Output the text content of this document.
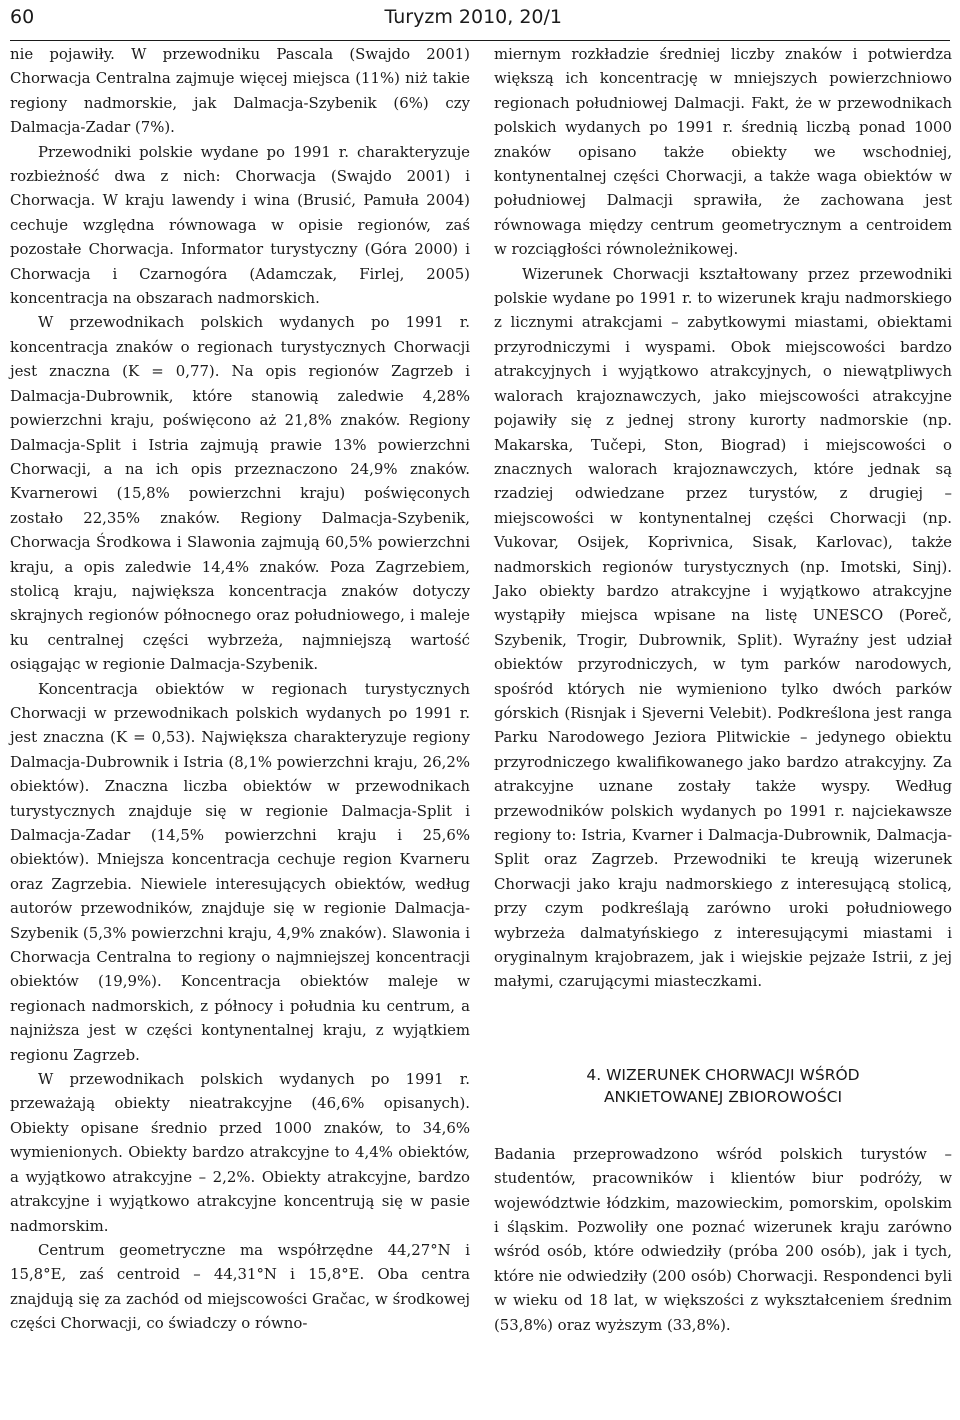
60	Turyzm 2010, 20/1

nie pojawiły. W przewodniku Pascala (Swajdo 2001) Chorwacja Centralna zajmuje więcej miejsca (11%) niż takie regiony nadmorskie, jak Dalmacja-Szybenik (6%) czy Dalmacja-Zadar (7%).

Przewodniki polskie wydane po 1991 r. charakteryzuje rozbieżność dwa z nich: Chorwacja (Swajdo 2001) i Chorwacja. W kraju lawendy i wina (Brusić, Pamuła 2004) cechuje względna równowaga w opisie regionów, zaś pozostałe Chorwacja. Informator turystyczny (Góra 2000) i Chorwacja i Czarnogóra (Adamczak, Firlej, 2005) koncentracja na obszarach nadmorskich.

W przewodnikach polskich wydanych po 1991 r. koncentracja znaków o regionach turystycznych Chorwacji jest znaczna (K = 0,77). Na opis regionów Zagrzeb i Dalmacja-Dubrownik, które stanowią zaledwie 4,28% powierzchni kraju, poświęcono aż 21,8% znaków. Regiony Dalmacja-Split i Istria zajmują prawie 13% powierzchni Chorwacji, a na ich opis przeznaczono 24,9% znaków. Kvarnerowi (15,8% powierzchni kraju) poświęconych zostało 22,35% znaków. Regiony Dalmacja-Szybenik, Chorwacja Środkowa i Slawonia zajmują 60,5% powierzchni kraju, a opis zaledwie 14,4% znaków. Poza Zagrzebiem, stolicą kraju, największa koncentracja znaków dotyczy skrajnych regionów północnego oraz południowego, i maleje ku centralnej części wybrzeża, najmniejszą wartość osiągając w regionie Dalmacja-Szybenik.

Koncentracja obiektów w regionach turystycznych Chorwacji w przewodnikach polskich wydanych po 1991 r. jest znaczna (K = 0,53). Największa charakteryzuje regiony Dalmacja-Dubrownik i Istria (8,1% powierzchni kraju, 26,2% obiektów). Znaczna liczba obiektów w przewodnikach turystycznych znajduje się w regionie Dalmacja-Split i Dalmacja-Zadar (14,5% powierzchni kraju i 25,6% obiektów). Mniejsza koncentracja cechuje region Kvarneru oraz Zagrzebia. Niewiele interesujących obiektów, według autorów przewodników, znajduje się w regionie Dalmacja-Szybenik (5,3% powierzchni kraju, 4,9% znaków). Slawonia i Chorwacja Centralna to regiony o najmniejszej koncentracji obiektów (19,9%). Koncentracja obiektów maleje w regionach nadmorskich, z północy i południa ku centrum, a najniższa jest w części kontynentalnej kraju, z wyjątkiem regionu Zagrzeb.

W przewodnikach polskich wydanych po 1991 r. przeważają obiekty nieatrakcyjne (46,6% opisanych). Obiekty opisane średnio przed 1000 znaków, to 34,6% wymienionych. Obiekty bardzo atrakcyjne to 4,4% obiektów, a wyjątkowo atrakcyjne – 2,2%. Obiekty atrakcyjne, bardzo atrakcyjne i wyjątkowo atrakcyjne koncentrują się w pasie nadmorskim.

Centrum geometryczne ma współrzędne 44,27°N i 15,8°E, zaś centroid – 44,31°N i 15,8°E. Oba centra znajdują się za zachód od miejscowości Gračac, w środkowej części Chorwacji, co świadczy o równo-

miernym rozkładzie średniej liczby znaków i potwierdza większą ich koncentrację w mniejszych powierzchniowo regionach południowej Dalmacji. Fakt, że w przewodnikach polskich wydanych po 1991 r. średnią liczbą ponad 1000 znaków opisano także obiekty we wschodniej, kontynentalnej części Chorwacji, a także waga obiektów w południowej Dalmacji sprawiła, że zachowana jest równowaga między centrum geometrycznym a centroidem w rozciągłości równoleżnikowej.

Wizerunek Chorwacji kształtowany przez przewodniki polskie wydane po 1991 r. to wizerunek kraju nadmorskiego z licznymi atrakcjami – zabytkowymi miastami, obiektami przyrodniczymi i wyspami. Obok miejscowości bardzo atrakcyjnych i wyjątkowo atrakcyjnych, o niewątpliwych walorach krajoznawczych, jako miejscowości atrakcyjne pojawiły się z jednej strony kurorty nadmorskie (np. Makarska, Tučepi, Ston, Biograd) i miejscowości o znacznych walorach krajoznawczych, które jednak są rzadziej odwiedzane przez turystów, z drugiej – miejscowości w kontynentalnej części Chorwacji (np. Vukovar, Osijek, Koprivnica, Sisak, Karlovac), także nadmorskich regionów turystycznych (np. Imotski, Sinj). Jako obiekty bardzo atrakcyjne i wyjątkowo atrakcyjne wystąpiły miejsca wpisane na listę UNESCO (Poreč, Szybenik, Trogir, Dubrownik, Split). Wyraźny jest udział obiektów przyrodniczych, w tym parków narodowych, spośród których nie wymieniono tylko dwóch parków górskich (Risnjak i Sjeverni Velebit). Podkreślona jest ranga Parku Narodowego Jeziora Plitwickie – jedynego obiektu przyrodniczego kwalifikowanego jako bardzo atrakcyjny. Za atrakcyjne uznane zostały także wyspy. Według przewodników polskich wydanych po 1991 r. najciekawsze regiony to: Istria, Kvarner i Dalmacja-Dubrownik, Dalmacja-Split oraz Zagrzeb. Przewodniki te kreują wizerunek Chorwacji jako kraju nadmorskiego z interesującą stolicą, przy czym podkreślają zarówno uroki południowego wybrzeża dalmatyńskiego z interesującymi miastami i oryginalnym krajobrazem, jak i wiejskie pejzaże Istrii, z jej małymi, czarującymi miasteczkami.

4. WIZERUNEK CHORWACJI WŚRÓD
ANKIETOWANEJ ZBIOROWOŚCI

Badania przeprowadzono wśród polskich turystów – studentów, pracowników i klientów biur podróży, w województwie łódzkim, mazowieckim, pomorskim, opolskim i śląskim. Pozwoliły one poznać wizerunek kraju zarówno wśród osób, które odwiedziły (próba 200 osób), jak i tych, które nie odwiedziły (200 osób) Chorwacji. Respondenci byli w wieku od 18 lat, w większości z wykształceniem średnim (53,8%) oraz wyższym (33,8%).
